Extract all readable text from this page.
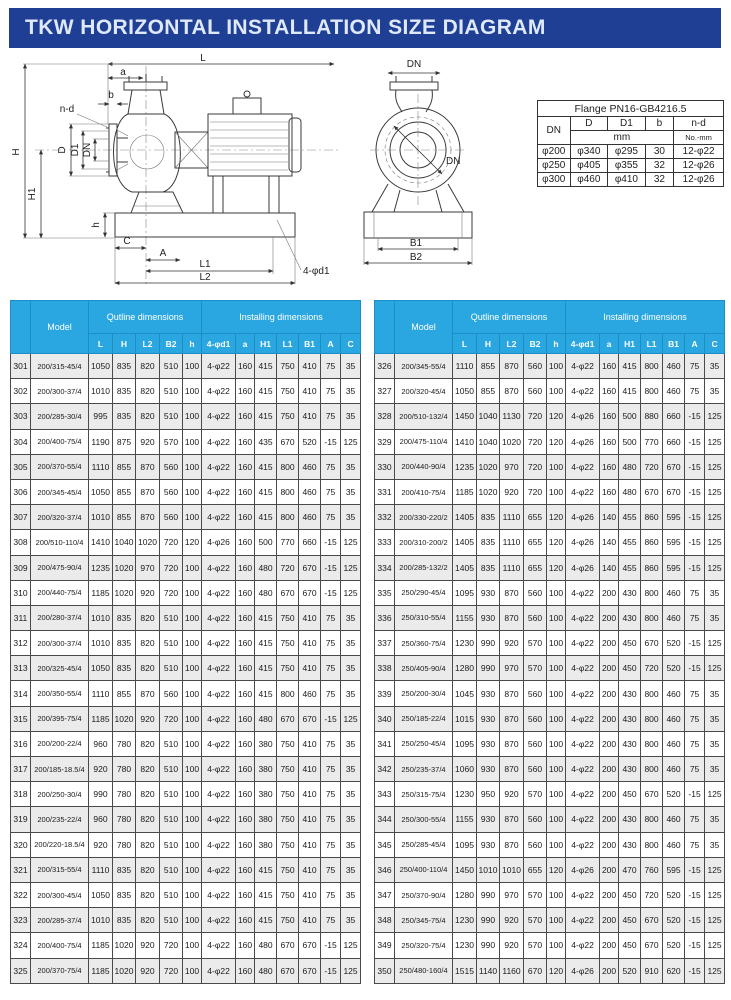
TKW HORIZONTAL INSTALLATION SIZE DIAGRAM
L
a
b
n-d
D D1 DN
H
H1
h
C
A
L1
L2
4-φd1
DN
DN
B1
B2
Flange PN16-GB4216.5				
DN	D	D1	b	n-d
	mm			No.-mm
φ200	φ340	φ295	30	12-φ22
φ250	φ405	φ355	32	12-φ26
φ300	φ460	φ410	32	12-φ26
	Model	Qutline dimensions					Installing dimensions						
		L	H	L2	B2	h	4-φd1	a	H1	L1	B1	A	C
301	200/315-45/4	1050	835	820	510	100	4-φ22	160	415	750	410	75	35
302	200/300-37/4	1010	835	820	510	100	4-φ22	160	415	750	410	75	35
303	200/285-30/4	995	835	820	510	100	4-φ22	160	415	750	410	75	35
304	200/400-75/4	1190	875	920	570	100	4-φ22	160	435	670	520	-15	125
305	200/370-55/4	1110	855	870	560	100	4-φ22	160	415	800	460	75	35
306	200/345-45/4	1050	855	870	560	100	4-φ22	160	415	800	460	75	35
307	200/320-37/4	1010	855	870	560	100	4-φ22	160	415	800	460	75	35
308	200/510-110/4	1410	1040	1020	720	120	4-φ26	160	500	770	660	-15	125
309	200/475-90/4	1235	1020	970	720	100	4-φ22	160	480	720	670	-15	125
310	200/440-75/4	1185	1020	920	720	100	4-φ22	160	480	670	670	-15	125
311	200/280-37/4	1010	835	820	510	100	4-φ22	160	415	750	410	75	35
312	200/300-37/4	1010	835	820	510	100	4-φ22	160	415	750	410	75	35
313	200/325-45/4	1050	835	820	510	100	4-φ22	160	415	750	410	75	35
314	200/350-55/4	1110	855	870	560	100	4-φ22	160	415	800	460	75	35
315	200/395-75/4	1185	1020	920	720	100	4-φ22	160	480	670	670	-15	125
316	200/200-22/4	960	780	820	510	100	4-φ22	160	380	750	410	75	35
317	200/185-18.5/4	920	780	820	510	100	4-φ22	160	380	750	410	75	35
318	200/250-30/4	990	780	820	510	100	4-φ22	160	380	750	410	75	35
319	200/235-22/4	960	780	820	510	100	4-φ22	160	380	750	410	75	35
320	200/220-18.5/4	920	780	820	510	100	4-φ22	160	380	750	410	75	35
321	200/315-55/4	1110	835	820	510	100	4-φ22	160	415	750	410	75	35
322	200/300-45/4	1050	835	820	510	100	4-φ22	160	415	750	410	75	35
323	200/285-37/4	1010	835	820	510	100	4-φ22	160	415	750	410	75	35
324	200/400-75/4	1185	1020	920	720	100	4-φ22	160	480	670	670	-15	125
325	200/370-75/4	1185	1020	920	720	100	4-φ22	160	480	670	670	-15	125
	Model	Qutline dimensions					Installing dimensions						
		L	H	L2	B2	h	4-φd1	a	H1	L1	B1	A	C
326	200/345-55/4	1110	855	870	560	100	4-φ22	160	415	800	460	75	35
327	200/320-45/4	1050	855	870	560	100	4-φ22	160	415	800	460	75	35
328	200/510-132/4	1450	1040	1130	720	120	4-φ26	160	500	880	660	-15	125
329	200/475-110/4	1410	1040	1020	720	120	4-φ26	160	500	770	660	-15	125
330	200/440-90/4	1235	1020	970	720	100	4-φ22	160	480	720	670	-15	125
331	200/410-75/4	1185	1020	920	720	100	4-φ22	160	480	670	670	-15	125
332	200/330-220/2	1405	835	1110	655	120	4-φ26	140	455	860	595	-15	125
333	200/310-200/2	1405	835	1110	655	120	4-φ26	140	455	860	595	-15	125
334	200/285-132/2	1405	835	1110	655	120	4-φ26	140	455	860	595	-15	125
335	250/290-45/4	1095	930	870	560	100	4-φ22	200	430	800	460	75	35
336	250/310-55/4	1155	930	870	560	100	4-φ22	200	430	800	460	75	35
337	250/360-75/4	1230	990	920	570	100	4-φ22	200	450	670	520	-15	125
338	250/405-90/4	1280	990	970	570	100	4-φ22	200	450	720	520	-15	125
339	250/200-30/4	1045	930	870	560	100	4-φ22	200	430	800	460	75	35
340	250/185-22/4	1015	930	870	560	100	4-φ22	200	430	800	460	75	35
341	250/250-45/4	1095	930	870	560	100	4-φ22	200	430	800	460	75	35
342	250/235-37/4	1060	930	870	560	100	4-φ22	200	430	800	460	75	35
343	250/315-75/4	1230	950	920	570	100	4-φ22	200	450	670	520	-15	125
344	250/300-55/4	1155	930	870	560	100	4-φ22	200	430	800	460	75	35
345	250/285-45/4	1095	930	870	560	100	4-φ22	200	430	800	460	75	35
346	250/400-110/4	1450	1010	1010	655	120	4-φ26	200	470	760	595	-15	125
347	250/370-90/4	1280	990	970	570	100	4-φ22	200	450	720	520	-15	125
348	250/345-75/4	1230	990	920	570	100	4-φ22	200	450	670	520	-15	125
349	250/320-75/4	1230	990	920	570	100	4-φ22	200	450	670	520	-15	125
350	250/480-160/4	1515	1140	1160	670	120	4-φ26	200	520	910	620	-15	125
